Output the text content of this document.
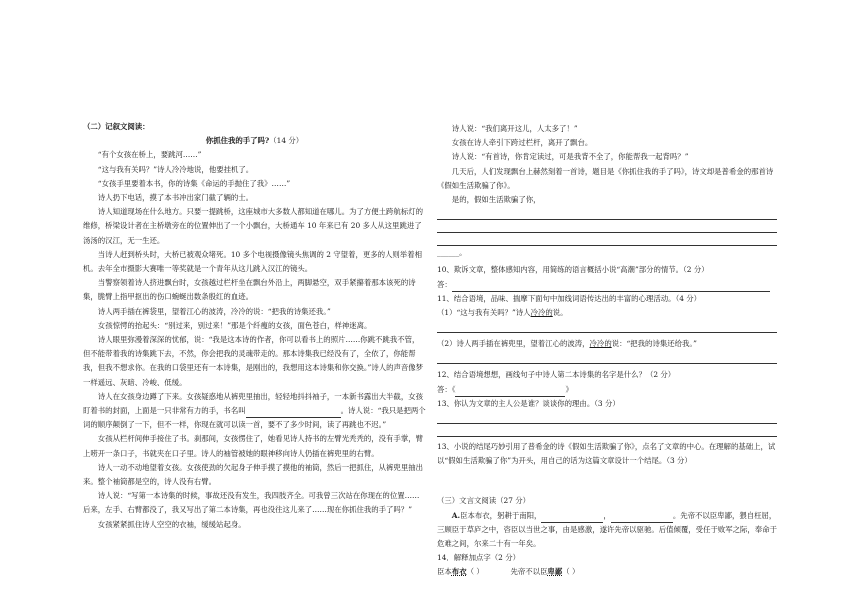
（二）记叙文阅读：

你抓住我的手了吗?（14 分）

“有个女孩在桥上，要跳河……”

“这与我有关吗？”诗人冷冷地说，他要挂机了。

“女孩手里要着本书，你的诗集《命运的手抛住了我》……”

诗人扔下电话，摸了本书冲出家门截了辆的士。

诗人知道现场在什么地方。只要一提跳桥，这座城市大多数人都知道在哪儿。为了方便土跨航标灯的维修，桥梁设计者在主桥墩旁在的位置伸出了一个小飘台，大桥通车 10 年来已有 20 多人从这里跳进了汤汤的汉江，无一生还。

当诗人赶到桥头时，大桥已被观众堵死。10 多个电视摄像镜头焦调的 2 守望着，更多的人则举着相机。去年全市摄影大赛唯一等奖就是一个青年从这儿跳入汉江的镜头。

当警察领着诗人挤进飘台时，女孩越过栏杆坐在飘台外沿上，两脚悬空，双手紧攥着那本该死的诗集，脆臂上指甲抠出的伤口蜿蜒出数条殷红的血迹。

诗人两手插在裤袋里，望着江心的波涛，冷冷的说：“把我的诗集还我。”

女孩惊愕的抬起头：“别过来，别过来！”那是个纤瘦的女孩，面色苍白，样神迷离。

诗人眼里弥漫着深深的忧郁，说：“我是这本诗的作者，你可以看书上的照片……你跳不跳我不管，但不能带着我的诗集跳下去，不然，你会把我的灵魂带走的。那本诗集我已经没有了，全依了，你能帮我，但我不想求你。在我的口袋里还有一本诗集，是刚出的，我想用这本诗集和你交换。”诗人的声音像梦一样遥远、灰暗、冷峻、低缓。

诗人在女孩身边蹲了下来。女孩疑惑地从裤兜里抽出，轻轻地抖抖袖子，一本新书露出大半截，女孩盯着书的封面，上面是一只非常有力的手，书名叫	。诗人说：“我只是把两个词的顺序颠倒了一下，但不一样，你现在就可以读一首，要不了多少时间，读了再跳也不迟。”

女孩从栏杆间伸手接住了书。刹那间，女孩愣住了，她看见诗人持书的左臂光秃秃的，没有手掌，臂上唠开一条口子，书就夹在口子里。诗人的袖管被她的眼神移向诗人仍插在裤兜里的右臂。

诗人一动不动地望着女孩。女孩使劲的欠起身子伸手摸了摸他的袖筒，然后一把抓住，从裤兜里抽出来。整个袖筒都是空的，诗人没有右臂。

诗人说：“写第一本诗集的时候，事故还没有发生，我四肢齐全。可我曾三次站在你现在的位置……后来，左手、右臂都没了，我又写出了第二本诗集，再也没往这儿来了……现在你抓住我的手了吗？”

女孩紧紧抓住诗人空空的衣袖，缓缓站起身。

诗人说：“我们离开这儿，人太多了！”

女孩在诗人牵引下跨过栏杆，离开了飘台。

诗人说：“有首诗，你肯定读过，可是我背不全了，你能帮我一起背吗？”

几天后，人们发现飘台上赫然刻着一首诗，题目是《你抓住我的手了吗》，诗文却是普希金的那首诗《假如生活欺骗了你》。

是的，假如生活欺骗了你，

______。

10、欺诉文章，整体感知内容，用简练的语言概括小说“高潮”部分的情节。（2 分）

答：

11、结合语境，品味、揣摩下面句中加线词语传达出的丰富的心理活动。（4 分）

（1）“这与我有关吗？”诗人冷冷的说。

（2）诗人两手插在裤兜里，望着江心的波涛，冷冷的说：“把我的诗集还给我。”

12、结合语境想想，画线句子中诗人第二本诗集的名字是什么？（2 分）

答：《	》

13、你认为文章的主人公是谁？谈谈你的理由。（3 分）

13、小说的结尾巧妙引用了普希金的诗《假如生活欺骗了你》，点名了文章的中心。在理解的基础上，试以“假如生活欺骗了你”为开头，用自己的话为这篇文章设计一个结尾。（3 分）

（三）文言文阅读（27 分）

A.臣本布衣，躬耕于南阳，	，	。先帝不以臣卑鄙，猥自枉屈，三顾臣于草庐之中，咨臣以当世之事，由是感激，遂许先帝以驱驰。后值倾覆，受任于败军之际，奉命于危难之间，尔来二十有一年矣。

14．解释加点字（2 分）

臣本布衣（ ）	先帝不以臣卑鄙（ ）
